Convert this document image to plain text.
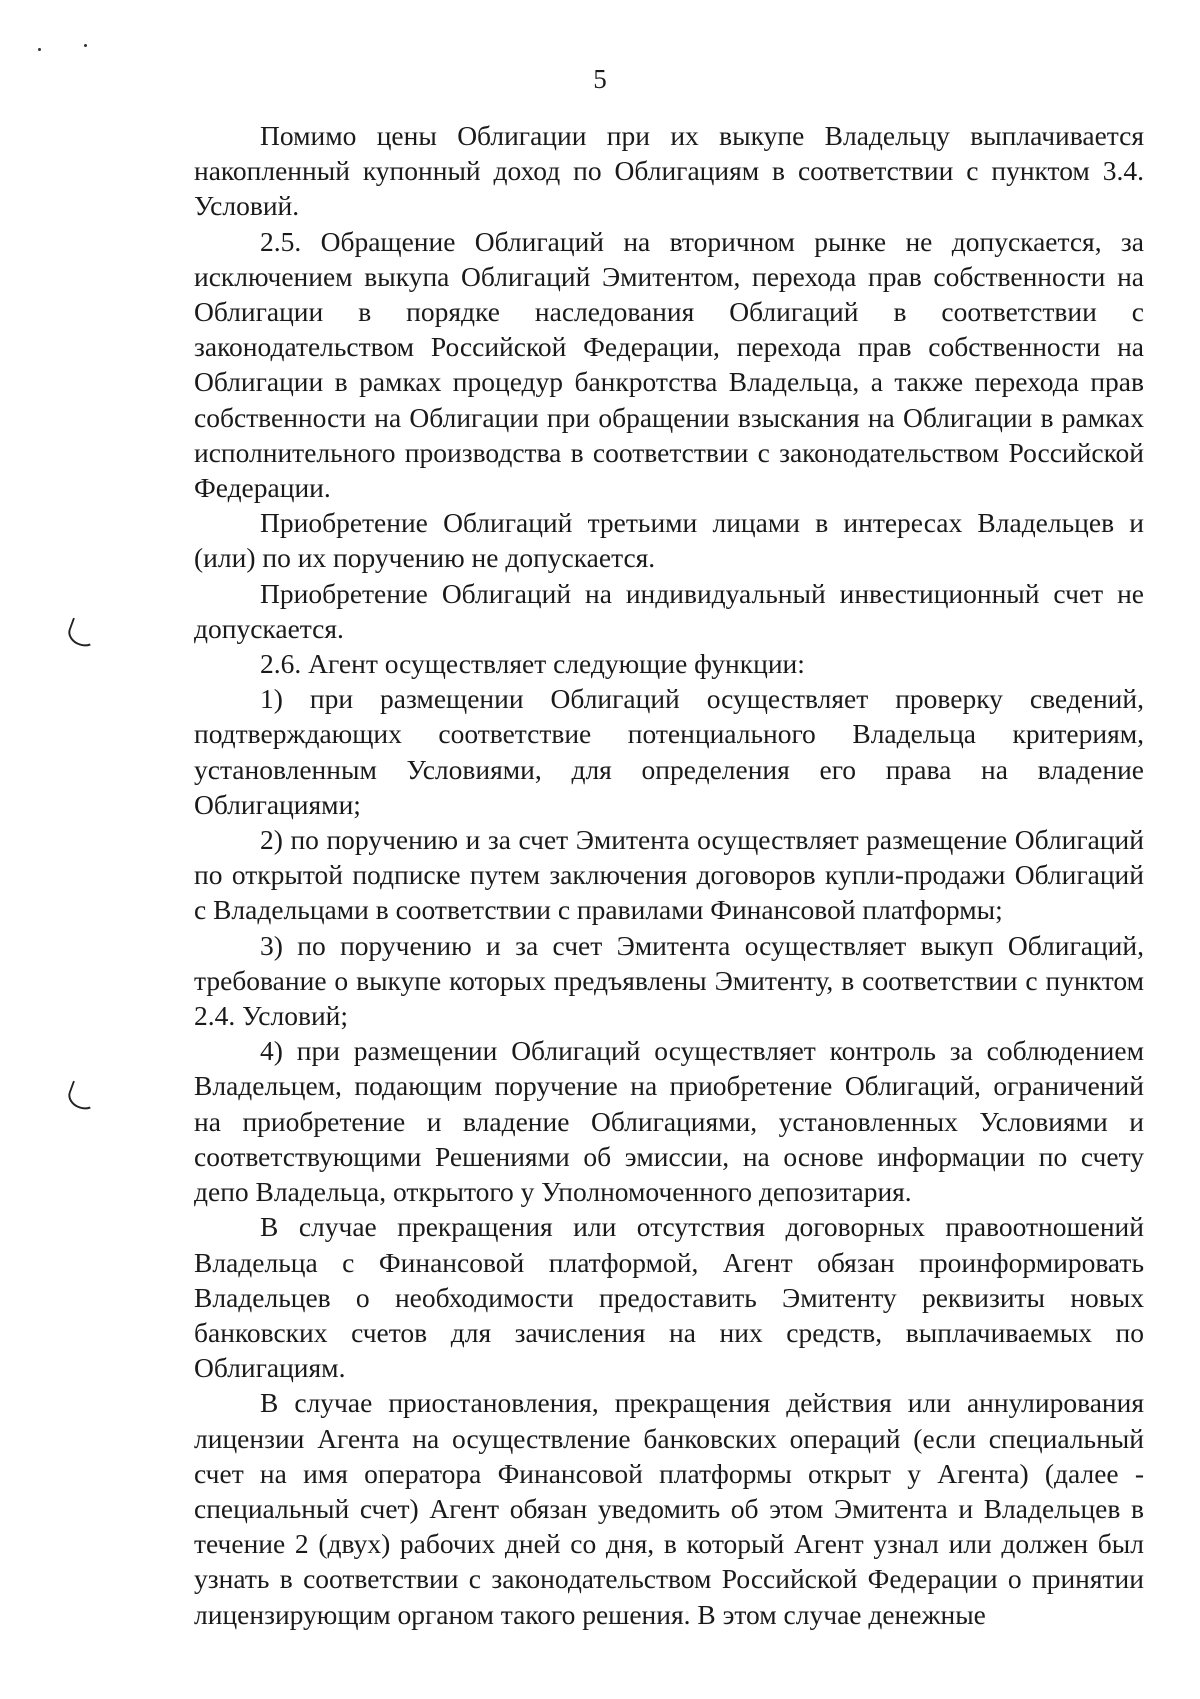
5

Помимо цены Облигации при их выкупе Владельцу выплачивается накопленный купонный доход по Облигациям в соответствии с пунктом 3.4. Условий.

2.5. Обращение Облигаций на вторичном рынке не допускается, за исключением выкупа Облигаций Эмитентом, перехода прав собственности на Облигации в порядке наследования Облигаций в соответствии с законодательством Российской Федерации, перехода прав собственности на Облигации в рамках процедур банкротства Владельца, а также перехода прав собственности на Облигации при обращении взыскания на Облигации в рамках исполнительного производства в соответствии с законодательством Российской Федерации.

Приобретение Облигаций третьими лицами в интересах Владельцев и (или) по их поручению не допускается.

Приобретение Облигаций на индивидуальный инвестиционный счет не допускается.

2.6. Агент осуществляет следующие функции:

1) при размещении Облигаций осуществляет проверку сведений, подтверждающих соответствие потенциального Владельца критериям, установленным Условиями, для определения его права на владение Облигациями;

2) по поручению и за счет Эмитента осуществляет размещение Облигаций по открытой подписке путем заключения договоров купли-продажи Облигаций с Владельцами в соответствии с правилами Финансовой платформы;

3) по поручению и за счет Эмитента осуществляет выкуп Облигаций, требование о выкупе которых предъявлены Эмитенту, в соответствии с пунктом 2.4. Условий;

4) при размещении Облигаций осуществляет контроль за соблюдением Владельцем, подающим поручение на приобретение Облигаций, ограничений на приобретение и владение Облигациями, установленных Условиями и соответствующими Решениями об эмиссии, на основе информации по счету депо Владельца, открытого у Уполномоченного депозитария.

В случае прекращения или отсутствия договорных правоотношений Владельца с Финансовой платформой, Агент обязан проинформировать Владельцев о необходимости предоставить Эмитенту реквизиты новых банковских счетов для зачисления на них средств, выплачиваемых по Облигациям.

В случае приостановления, прекращения действия или аннулирования лицензии Агента на осуществление банковских операций (если специальный счет на имя оператора Финансовой платформы открыт у Агента) (далее - специальный счет) Агент обязан уведомить об этом Эмитента и Владельцев в течение 2 (двух) рабочих дней со дня, в который Агент узнал или должен был узнать в соответствии с законодательством Российской Федерации о принятии лицензирующим органом такого решения. В этом случае денежные
